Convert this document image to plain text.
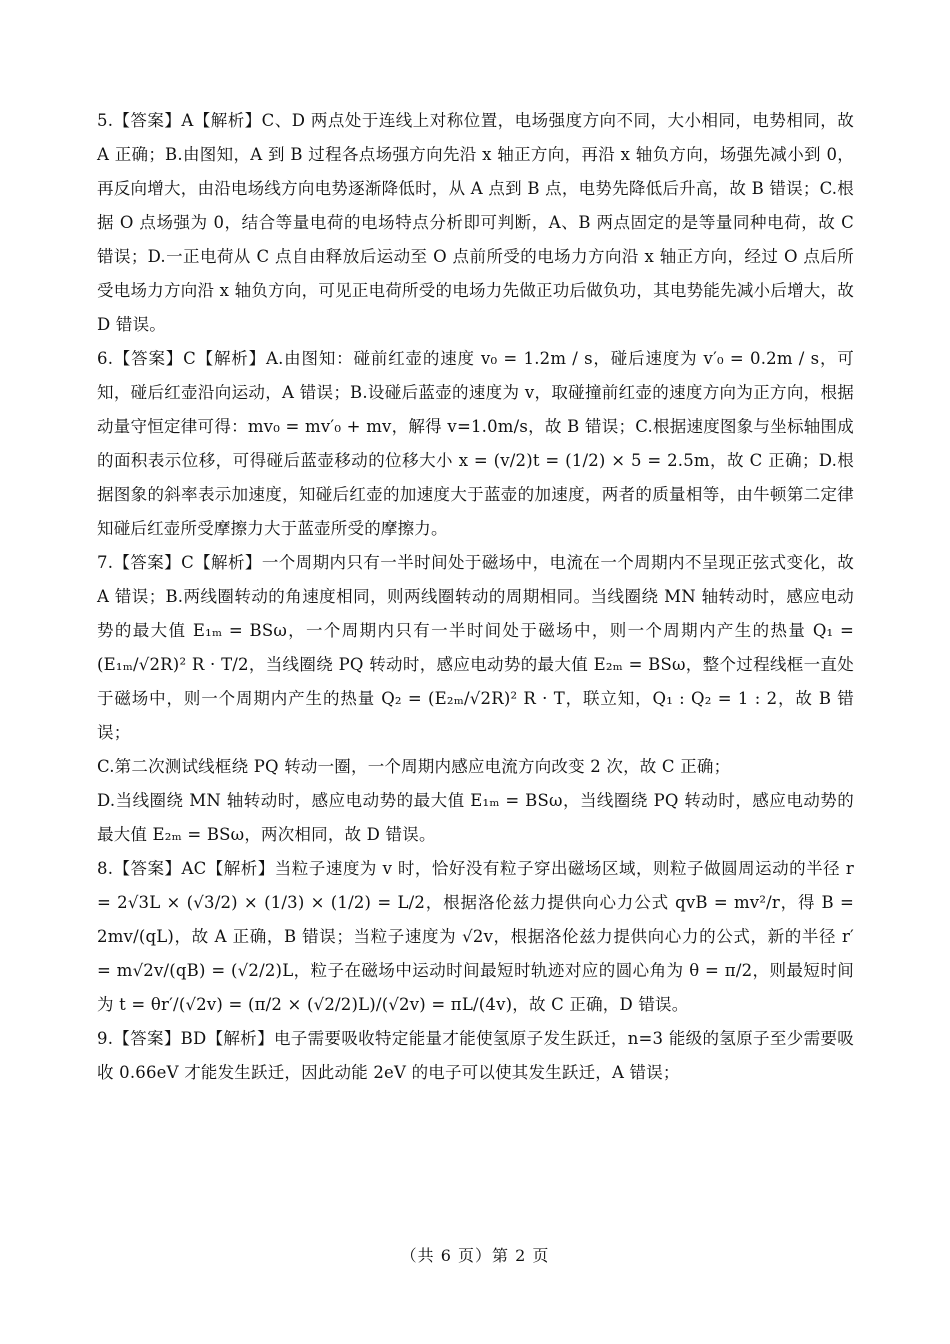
5.【答案】A【解析】C、D 两点处于连线上对称位置，电场强度方向不同，大小相同，电势相同，故 A 正确；B.由图知，A 到 B 过程各点场强方向先沿 x 轴正方向，再沿 x 轴负方向，场强先减小到 0，再反向增大，由沿电场线方向电势逐渐降低时，从 A 点到 B 点，电势先降低后升高，故 B 错误；C.根据 O 点场强为 0，结合等量电荷的电场特点分析即可判断，A、B 两点固定的是等量同种电荷，故 C 错误；D.一正电荷从 C 点自由释放后运动至 O 点前所受的电场力方向沿 x 轴正方向，经过 O 点后所受电场力方向沿 x 轴负方向，可见正电荷所受的电场力先做正功后做负功，其电势能先减小后增大，故 D 错误。

6.【答案】C【解析】A.由图知：碰前红壶的速度 v₀ = 1.2m / s，碰后速度为 v′₀ = 0.2m / s，可知，碰后红壶沿向运动，A 错误；B.设碰后蓝壶的速度为 v，取碰撞前红壶的速度方向为正方向，根据动量守恒定律可得：mv₀ = mv′₀ + mv，解得 v=1.0m/s，故 B 错误；C.根据速度图象与坐标轴围成的面积表示位移，可得碰后蓝壶移动的位移大小 x = (v/2)t = (1/2) × 5 = 2.5m，故 C 正确；D.根据图象的斜率表示加速度，知碰后红壶的加速度大于蓝壶的加速度，两者的质量相等，由牛顿第二定律知碰后红壶所受摩擦力大于蓝壶所受的摩擦力。

7.【答案】C【解析】一个周期内只有一半时间处于磁场中，电流在一个周期内不呈现正弦式变化，故 A 错误；B.两线圈转动的角速度相同，则两线圈转动的周期相同。当线圈绕 MN 轴转动时，感应电动势的最大值 E₁ₘ = BSω，一个周期内只有一半时间处于磁场中，则一个周期内产生的热量 Q₁ = (E₁ₘ/√2R)² R · T/2，当线圈绕 PQ 转动时，感应电动势的最大值 E₂ₘ = BSω，整个过程线框一直处于磁场中，则一个周期内产生的热量 Q₂ = (E₂ₘ/√2R)² R · T，联立知，Q₁ : Q₂ = 1 : 2，故 B 错误；

C.第二次测试线框绕 PQ 转动一圈，一个周期内感应电流方向改变 2 次，故 C 正确；

D.当线圈绕 MN 轴转动时，感应电动势的最大值 E₁ₘ = BSω，当线圈绕 PQ 转动时，感应电动势的最大值 E₂ₘ = BSω，两次相同，故 D 错误。

8.【答案】AC【解析】当粒子速度为 v 时，恰好没有粒子穿出磁场区域，则粒子做圆周运动的半径 r = 2√3L × (√3/2) × (1/3) × (1/2) = L/2，根据洛伦兹力提供向心力公式 qvB = mv²/r，得 B = 2mv/(qL)，故 A 正确，B 错误；当粒子速度为 √2v，根据洛伦兹力提供向心力的公式，新的半径 r′ = m√2v/(qB) = (√2/2)L，粒子在磁场中运动时间最短时轨迹对应的圆心角为 θ = π/2，则最短时间为 t = θr′/(√2v) = (π/2 × (√2/2)L)/(√2v) = πL/(4v)，故 C 正确，D 错误。

9.【答案】BD【解析】电子需要吸收特定能量才能使氢原子发生跃迁，n=3 能级的氢原子至少需要吸收 0.66eV 才能发生跃迁，因此动能 2eV 的电子可以使其发生跃迁，A 错误；

（共 6 页）第 2 页
